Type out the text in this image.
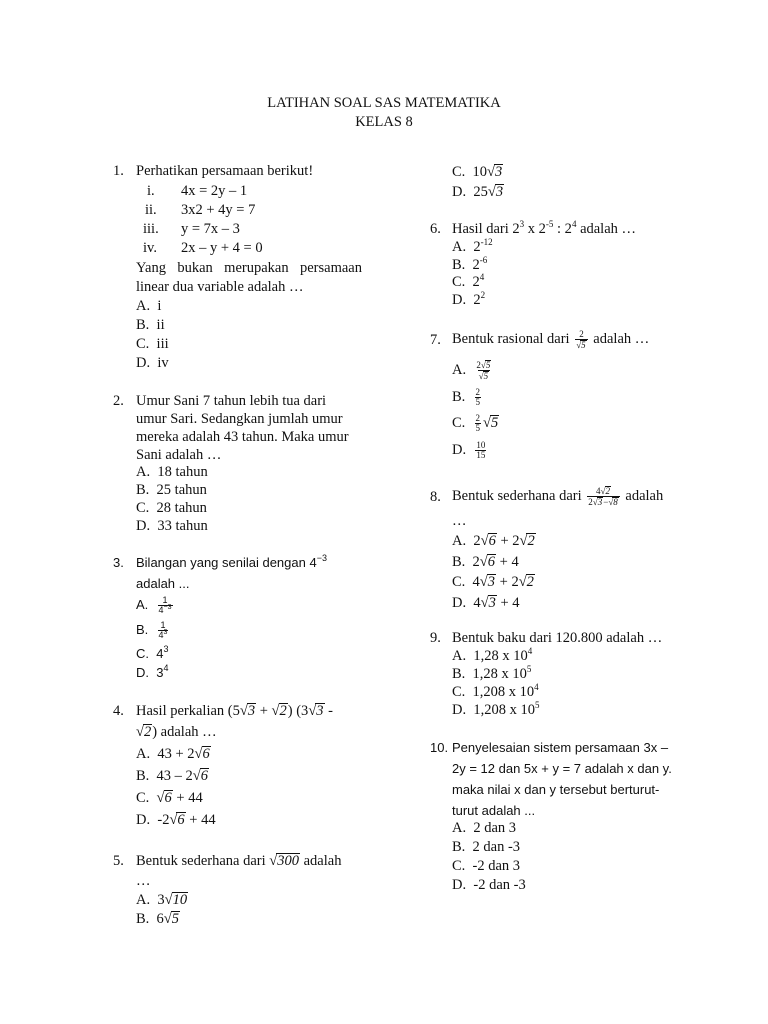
LATIHAN SOAL SAS MATEMATIKA
KELAS 8
1. Perhatikan persamaan berikut!
i. 4x = 2y – 1
ii. 3x2 + 4y = 7
iii. y = 7x – 3
iv. 2x – y + 4 = 0
Yang bukan merupakan persamaan
linear dua variable adalah …
A. i
B. ii
C. iii
D. iv
2. Umur Sani 7 tahun lebih tua dari
umur Sari. Sedangkan jumlah umur
mereka adalah 43 tahun. Maka umur
Sani adalah …
A. 18 tahun
B. 25 tahun
C. 28 tahun
D. 33 tahun
3. Bilangan yang senilai dengan $4^{-3}$
adalah ...
A. $\frac{1}{4^{-3}}$
B. $\frac{1}{4^3}$
C. $4^3$
D. $3^4$
4. Hasil perkalian (5√3 + √2) (3√3 -
√2) adalah …
A. 43 + 2√6
B. 43 – 2√6
C. √6 + 44
D. -2√6 + 44
5. Bentuk sederhana dari √300 adalah
…
A. 3√10
B. 6√5
C. 10√3
D. 25√3
6. Hasil dari $2^3$ x $2^{-5}$ : $2^4$ adalah …
A. $2^{-12}$
B. $2^{-6}$
C. $2^4$
D. $2^2$
7. Bentuk rasional dari $\frac{2}{√5}$ adalah …
A. $\frac{2√5}{√5}$
B. $\frac{2}{5}$
C. $\frac{2}{5} √5$
D. $\frac{10}{15}$
8. Bentuk sederhana dari $\frac{4√2}{2√3-√8}$ adalah
…
A. 2√6 + 2√2
B. 2√6 + 4
C. 4√3 + 2√2
D. 4√3 + 4
9. Bentuk baku dari 120.800 adalah …
A. 1,28 x $10^4$
B. 1,28 x $10^5$
C. 1,208 x $10^4$
D. 1,208 x $10^5$
10. Penyelesaian sistem persamaan 3x –
2y = 12 dan 5x + y = 7 adalah x dan y.
maka nilai x dan y tersebut berturut-
turut adalah ...
A. 2 dan 3
B. 2 dan -3
C. -2 dan 3
D. -2 dan -3
